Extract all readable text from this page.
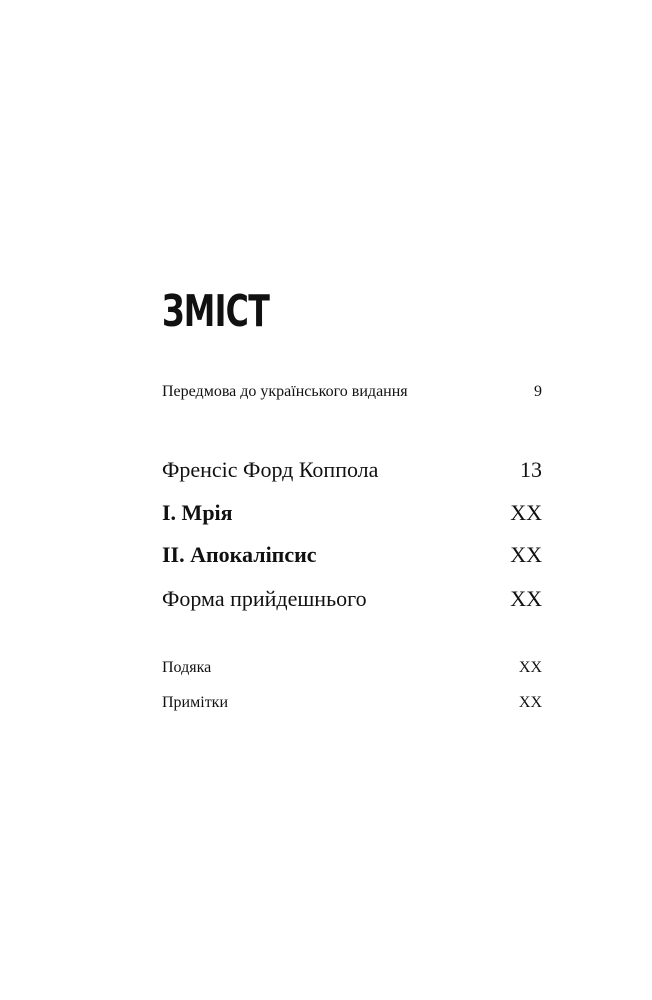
ЗМІСТ
Передмова до українського видання	9
Френсіс Форд Коппола	13
I. Мрія	XX
II. Апокаліпсис	XX
Форма прийдешнього	XX
Подяка	XX
Примітки	XX
